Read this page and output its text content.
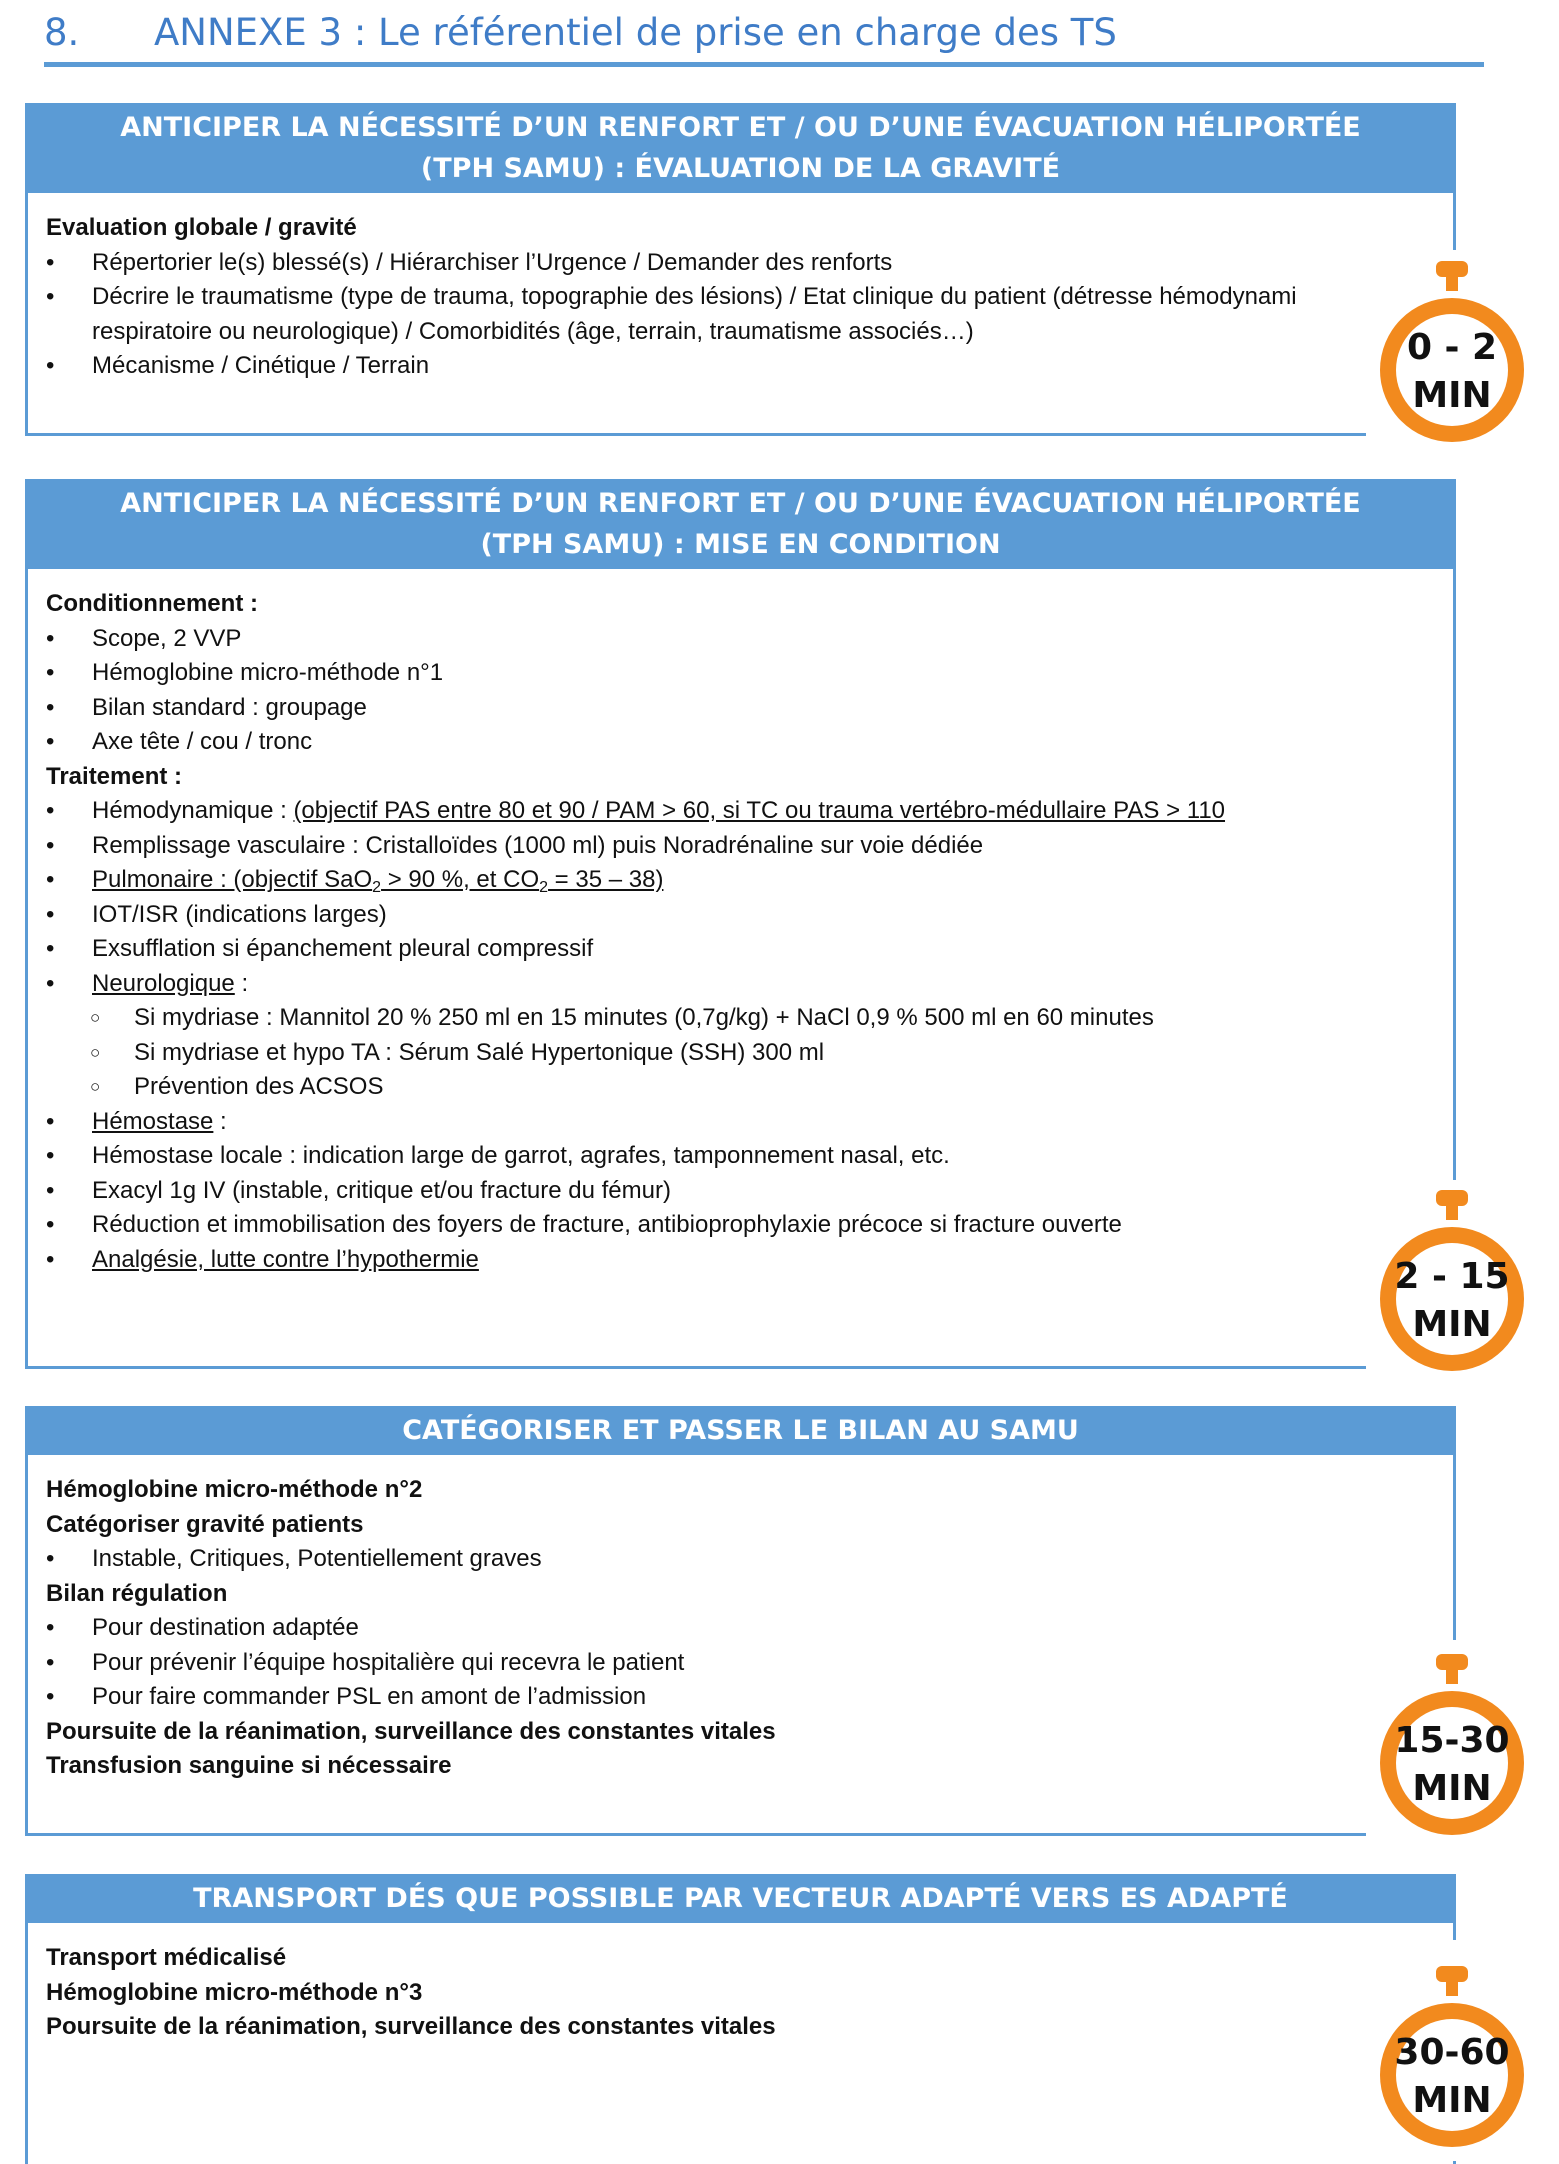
8. ANNEXE 3 : Le référentiel de prise en charge des TS
ANTICIPER LA NÉCESSITÉ D’UN RENFORT ET / OU D’UNE ÉVACUATION HÉLIPORTÉE
(TPH SAMU) : ÉVALUATION DE LA GRAVITÉ
Evaluation globale / gravité
• Répertorier le(s) blessé(s) / Hiérarchiser l’Urgence / Demander des renforts
• Décrire le traumatisme (type de trauma, topographie des lésions) / Etat clinique du patient (détresse hémodynami
respiratoire ou neurologique) / Comorbidités (âge, terrain, traumatisme associés…)
• Mécanisme / Cinétique / Terrain
ANTICIPER LA NÉCESSITÉ D’UN RENFORT ET / OU D’UNE ÉVACUATION HÉLIPORTÉE
(TPH SAMU) : MISE EN CONDITION
Conditionnement :
• Scope, 2 VVP
• Hémoglobine micro-méthode n°1
• Bilan standard : groupage
• Axe tête / cou / tronc
Traitement :
• Hémodynamique : (objectif PAS entre 80 et 90 / PAM > 60, si TC ou trauma vertébro-médullaire PAS > 110
• Remplissage vasculaire : Cristalloïdes (1000 ml) puis Noradrénaline sur voie dédiée
• Pulmonaire : (objectif SaO$_2$ > 90 %, et $CO_2 = 35 - 38$)
• IOT/ISR (indications larges)
• Exsufflation si épanchement pleural compressif
• Neurologique :
○ Si mydriase : Mannitol 20 % 250 ml en 15 minutes (0,7g/kg) + NaCl 0,9 % 500 ml en 60 minutes
○ Si mydriase et hypo TA : Sérum Salé Hypertonique (SSH) 300 ml
○ Prévention des ACSOS
• Hémostase :
• Hémostase locale : indication large de garrot, agrafes, tamponnement nasal, etc.
• Exacyl 1g IV (instable, critique et/ou fracture du fémur)
• Réduction et immobilisation des foyers de fracture, antibioprophylaxie précoce si fracture ouverte
• Analgésie, lutte contre l’hypothermie
CATÉGORISER ET PASSER LE BILAN AU SAMU
Hémoglobine micro-méthode n°2
Catégoriser gravité patients
• Instable, Critiques, Potentiellement graves
Bilan régulation
• Pour destination adaptée
• Pour prévenir l’équipe hospitalière qui recevra le patient
• Pour faire commander PSL en amont de l’admission
Poursuite de la réanimation, surveillance des constantes vitales
Transfusion sanguine si nécessaire
TRANSPORT DÉS QUE POSSIBLE PAR VECTEUR ADAPTÉ VERS ES ADAPTÉ
Transport médicalisé
Hémoglobine micro-méthode n°3
Poursuite de la réanimation, surveillance des constantes vitales
0 - 2
MIN
2 - 15
MIN
15-30
MIN
30-60
MIN
